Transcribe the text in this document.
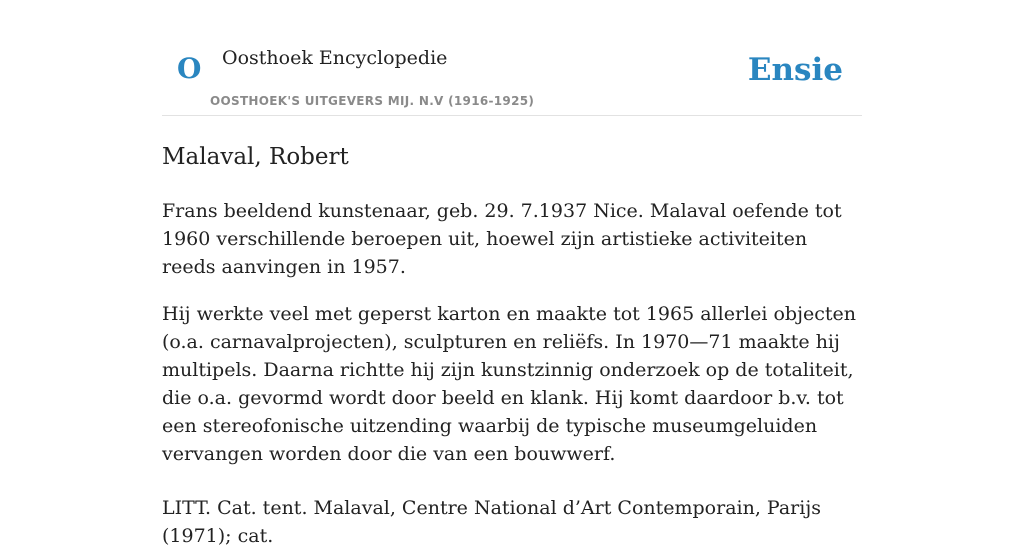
O Oosthoek Encyclopedie
OOSTHOEK'S UITGEVERS MIJ. N.V (1916-1925)
Ensie
Malaval, Robert

Frans beeldend kunstenaar, geb. 29. 7.1937 Nice. Malaval oefende tot 1960 verschillende beroepen uit, hoewel zijn artistieke activiteiten reeds aanvingen in 1957.

Hij werkte veel met geperst karton en maakte tot 1965 allerlei objecten (o.a. carnavalprojecten), sculpturen en reliëfs. In 1970—71 maakte hij multipels. Daarna richtte hij zijn kunstzinnig onderzoek op de totaliteit, die o.a. gevormd wordt door beeld en klank. Hij komt daardoor b.v. tot een stereofonische uitzending waarbij de typische museumgeluiden vervangen worden door die van een bouwwerf.

LITT. Cat. tent. Malaval, Centre National d’Art Contemporain, Parijs (1971); cat.
